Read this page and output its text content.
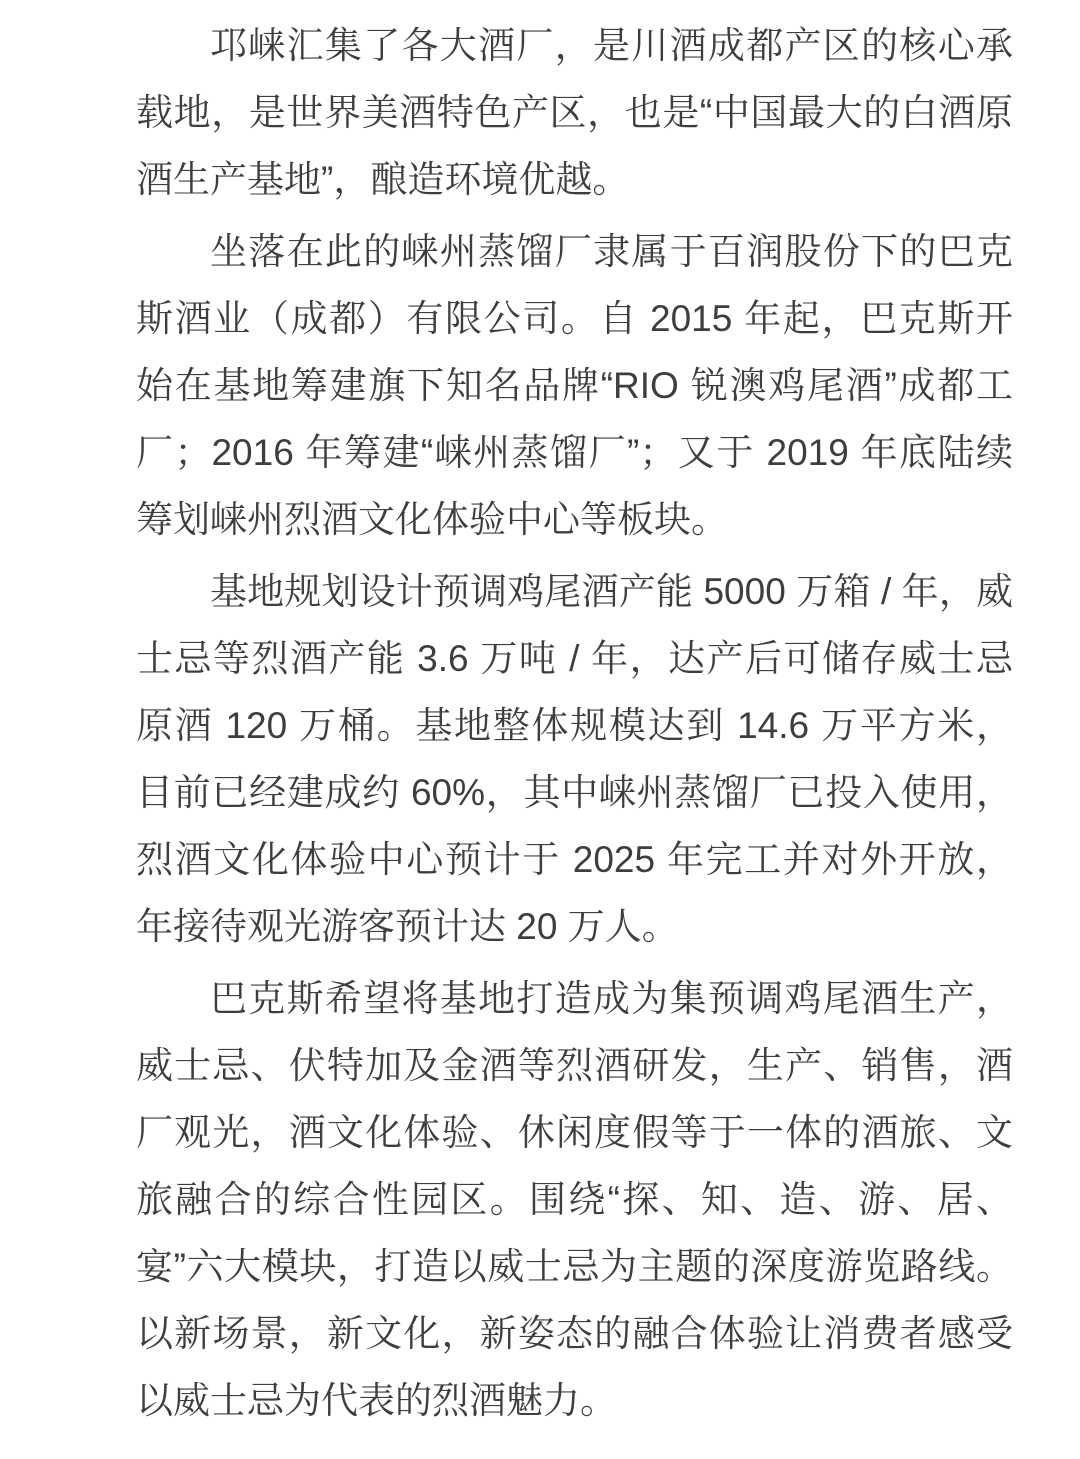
邛崃汇集了各大酒厂，是川酒成都产区的核心承载地，是世界美酒特色产区，也是“中国最大的白酒原酒生产基地”，酿造环境优越。

坐落在此的崃州蒸馏厂隶属于百润股份下的巴克斯酒业（成都）有限公司。自 2015 年起，巴克斯开始在基地筹建旗下知名品牌“RIO 锐澳鸡尾酒”成都工厂；2016 年筹建“崃州蒸馏厂”；又于 2019 年底陆续筹划崃州烈酒文化体验中心等板块。

基地规划设计预调鸡尾酒产能 5000 万箱 / 年，威士忌等烈酒产能 3.6 万吨 / 年，达产后可储存威士忌原酒 120 万桶。基地整体规模达到 14.6 万平方米，目前已经建成约 60%，其中崃州蒸馏厂已投入使用，烈酒文化体验中心预计于 2025 年完工并对外开放，年接待观光游客预计达 20 万人。

巴克斯希望将基地打造成为集预调鸡尾酒生产，威士忌、伏特加及金酒等烈酒研发，生产、销售，酒厂观光，酒文化体验、休闲度假等于一体的酒旅、文旅融合的综合性园区。围绕“探、知、造、游、居、宴”六大模块，打造以威士忌为主题的深度游览路线。以新场景，新文化，新姿态的融合体验让消费者感受以威士忌为代表的烈酒魅力。
